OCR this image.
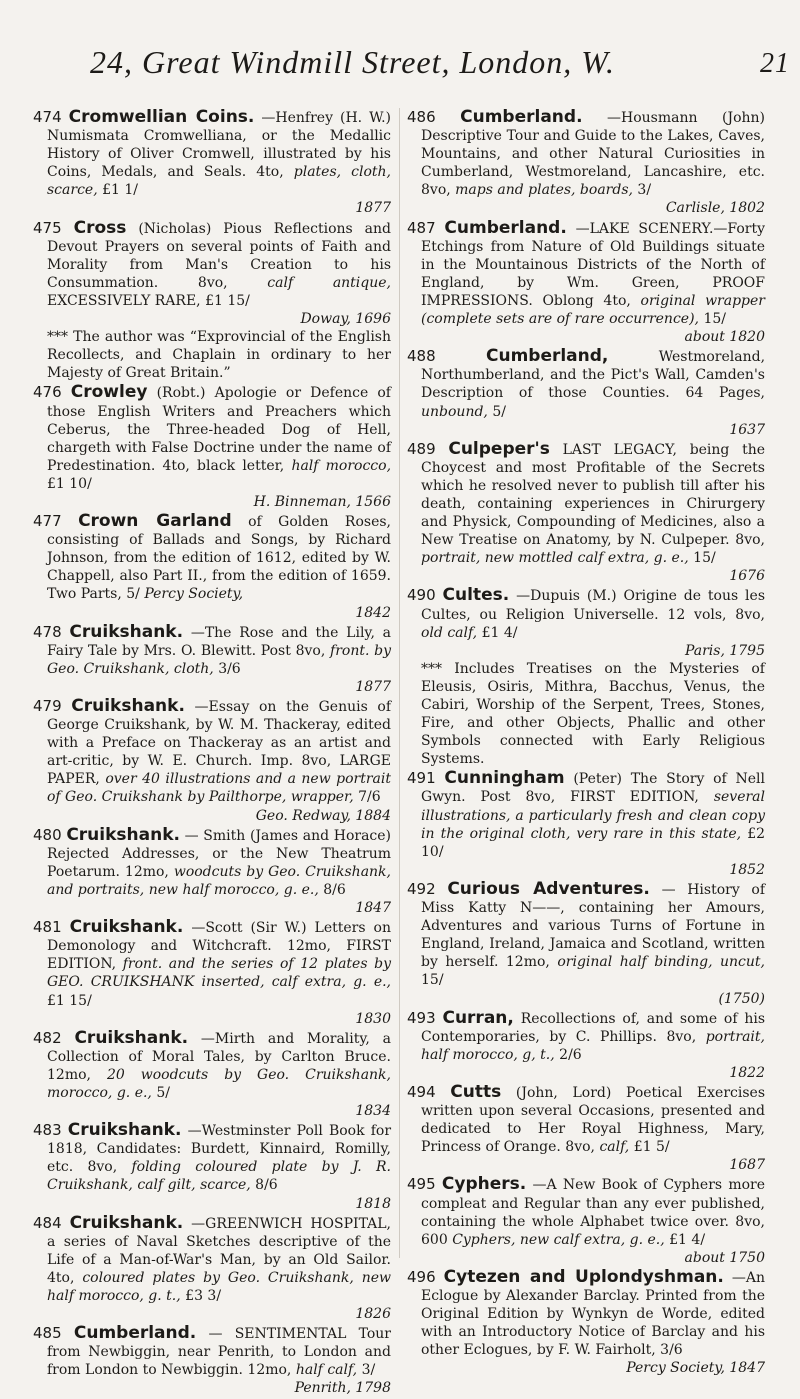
24, Great Windmill Street, London, W.	21
474 Cromwellian Coins. —Henfrey (H. W.) Numismata Cromwelliana, or the Medallic History of Oliver Cromwell, illustrated by his Coins, Medals, and Seals. 4to, plates, cloth, scarce, £1 1/
1877
475 Cross (Nicholas) Pious Reflections and Devout Prayers on several points of Faith and Morality from Man's Creation to his Consummation. 8vo,	calf antique, EXCESSIVELY RARE, £1 15/
Doway, 1696
*** The author was “Exprovincial of the English Recollects, and Chaplain in ordinary to her Majesty of Great Britain.”
476 Crowley (Robt.) Apologie or Defence of those English Writers and Preachers which Ceberus, the Three-headed Dog of Hell, chargeth with False Doctrine under the name of Predestination. 4to, black letter, half morocco, £1 10/
H. Binneman, 1566
477 Crown Garland of Golden Roses, consisting of Ballads and Songs, by Richard Johnson, from the edition of 1612, edited by W. Chappell, also Part II., from the edition of 1659. Two Parts, 5/ Percy Society,
1842
478 Cruikshank. —The Rose and the Lily, a Fairy Tale by Mrs. O. Blewitt. Post 8vo, front. by Geo. Cruikshank, cloth, 3/6
1877
479 Cruikshank. —Essay on the Genuis of George Cruikshank, by W. M. Thackeray, edited with a Preface on Thackeray as an artist and art-critic, by W. E. Church. Imp. 8vo, LARGE PAPER, over 40 illustrations and a new portrait of Geo. Cruikshank by Pailthorpe, wrapper, 7/6
Geo. Redway, 1884
480 Cruikshank. — Smith (James and Horace) Rejected Addresses, or the New Theatrum Poetarum. 12mo, woodcuts by Geo. Cruikshank, and portraits, new half morocco, g. e., 8/6
1847
481 Cruikshank. —Scott (Sir W.) Letters on Demonology and Witchcraft. 12mo, FIRST EDITION, front. and the series of 12 plates by GEO. CRUIKSHANK inserted, calf extra, g. e., £1 15/
1830
482 Cruikshank. —Mirth and Morality, a Collection of Moral Tales, by Carlton Bruce. 12mo, 20 woodcuts by Geo. Cruikshank, morocco, g. e., 5/
1834
483 Cruikshank. —Westminster Poll Book for 1818, Candidates: Burdett, Kinnaird, Romilly, etc. 8vo, folding coloured plate by J. R. Cruikshank, calf gilt, scarce, 8/6
1818
484 Cruikshank. —GREENWICH HOSPITAL, a series of Naval Sketches descriptive of the Life of a Man-of-War's Man, by an Old Sailor. 4to, coloured plates by Geo. Cruikshank, new half morocco, g. t., £3 3/
1826
485 Cumberland. — SENTIMENTAL Tour from Newbiggin, near Penrith, to London and from London to Newbiggin. 12mo, half calf, 3/
Penrith, 1798
486 Cumberland. —Housmann (John) Descriptive Tour and Guide to the Lakes, Caves, Mountains, and other Natural Curiosities in Cumberland, Westmoreland, Lancashire, etc. 8vo, maps and plates, boards, 3/
Carlisle, 1802
487 Cumberland. —LAKE SCENERY.—Forty Etchings from Nature of Old Buildings situate in the Mountainous Districts of the North of England, by Wm. Green, PROOF IMPRESSIONS. Oblong 4to, original wrapper (complete sets are of rare occurrence), 15/
about 1820
488	Cumberland,	Westmoreland, Northumberland, and the Pict's Wall, Camden's Description of those Counties. 64 Pages, unbound, 5/
1637
489 Culpeper's LAST LEGACY, being the Choycest and most Profitable of the Secrets which he resolved never to publish till after his death, containing experiences in Chirurgery and Physick, Compounding of Medicines, also a New Treatise on Anatomy, by N. Culpeper. 8vo, portrait, new mottled calf extra, g. e., 15/
1676
490 Cultes. —Dupuis (M.) Origine de tous les Cultes, ou Religion Universelle. 12 vols, 8vo, old calf, £1 4/
Paris, 1795
*** Includes Treatises on the Mysteries of Eleusis, Osiris, Mithra, Bacchus, Venus, the Cabiri, Worship of the Serpent, Trees, Stones, Fire, and other Objects, Phallic and other Symbols connected with Early Religious Systems.
491 Cunningham (Peter) The Story of Nell Gwyn. Post 8vo, FIRST EDITION, several illustrations, a particularly fresh and clean copy in the original cloth, very rare in this state, £2 10/
1852
492 Curious Adventures. — History of Miss Katty N——, containing her Amours, Adventures and various Turns of Fortune in England, Ireland, Jamaica and Scotland, written by herself. 12mo, original half binding, uncut, 15/
(1750)
493 Curran, Recollections of, and some of his Contemporaries, by C. Phillips. 8vo, portrait, half morocco, g, t., 2/6
1822
494 Cutts (John, Lord) Poetical Exercises written upon several Occasions, presented and dedicated to Her Royal Highness, Mary, Princess of Orange. 8vo, calf, £1 5/
1687
495 Cyphers. —A New Book of Cyphers more compleat and Regular than any ever published, containing the whole Alphabet twice over. 8vo, 600 Cyphers, new calf extra, g. e., £1 4/
about 1750
496 Cytezen and Uplondyshman. —An Eclogue by Alexander Barclay. Printed from the Original Edition by Wynkyn de Worde, edited with an Introductory Notice of Barclay and his other Eclogues, by F. W. Fairholt, 3/6
Percy Society, 1847
